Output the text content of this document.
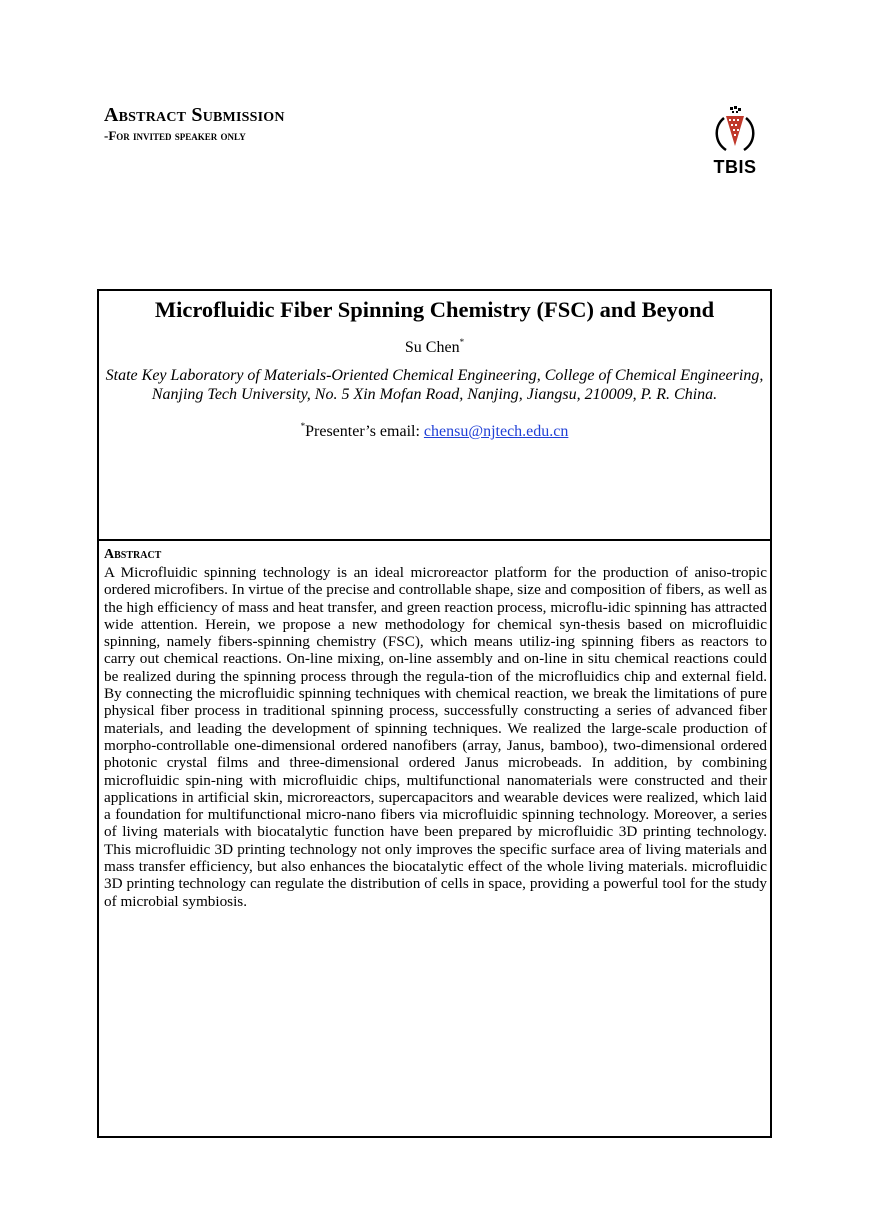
Abstract Submission
-For invited speaker only
TBIS
Microfluidic Fiber Spinning Chemistry (FSC) and Beyond
Su Chen*
State Key Laboratory of Materials-Oriented Chemical Engineering, College of Chemical Engineering, Nanjing Tech University, No. 5 Xin Mofan Road, Nanjing, Jiangsu, 210009, P. R. China.
*Presenter’s email: chensu@njtech.edu.cn
Abstract
A Microfluidic spinning technology is an ideal microreactor platform for the production of aniso-tropic ordered microfibers. In virtue of the precise and controllable shape, size and composition of fibers, as well as the high efficiency of mass and heat transfer, and green reaction process, microflu-idic spinning has attracted wide attention. Herein, we propose a new methodology for chemical syn-thesis based on microfluidic spinning, namely fibers-spinning chemistry (FSC), which means utiliz-ing spinning fibers as reactors to carry out chemical reactions. On-line mixing, on-line assembly and on-line in situ chemical reactions could be realized during the spinning process through the regula-tion of the microfluidics chip and external field. By connecting the microfluidic spinning techniques with chemical reaction, we break the limitations of pure physical fiber process in traditional spinning process, successfully constructing a series of advanced fiber materials, and leading the development of spinning techniques. We realized the large-scale production of morpho-controllable one-dimensional ordered nanofibers (array, Janus, bamboo), two-dimensional ordered photonic crystal films and three-dimensional ordered Janus microbeads. In addition, by combining microfluidic spin-ning with microfluidic chips, multifunctional nanomaterials were constructed and their applications in artificial skin, microreactors, supercapacitors and wearable devices were realized, which laid a foundation for multifunctional micro-nano fibers via microfluidic spinning technology. Moreover, a series of living materials with biocatalytic function have been prepared by microfluidic 3D printing technology. This microfluidic 3D printing technology not only improves the specific surface area of living materials and mass transfer efficiency, but also enhances the biocatalytic effect of the whole living materials. microfluidic 3D printing technology can regulate the distribution of cells in space, providing a powerful tool for the study of microbial symbiosis.
